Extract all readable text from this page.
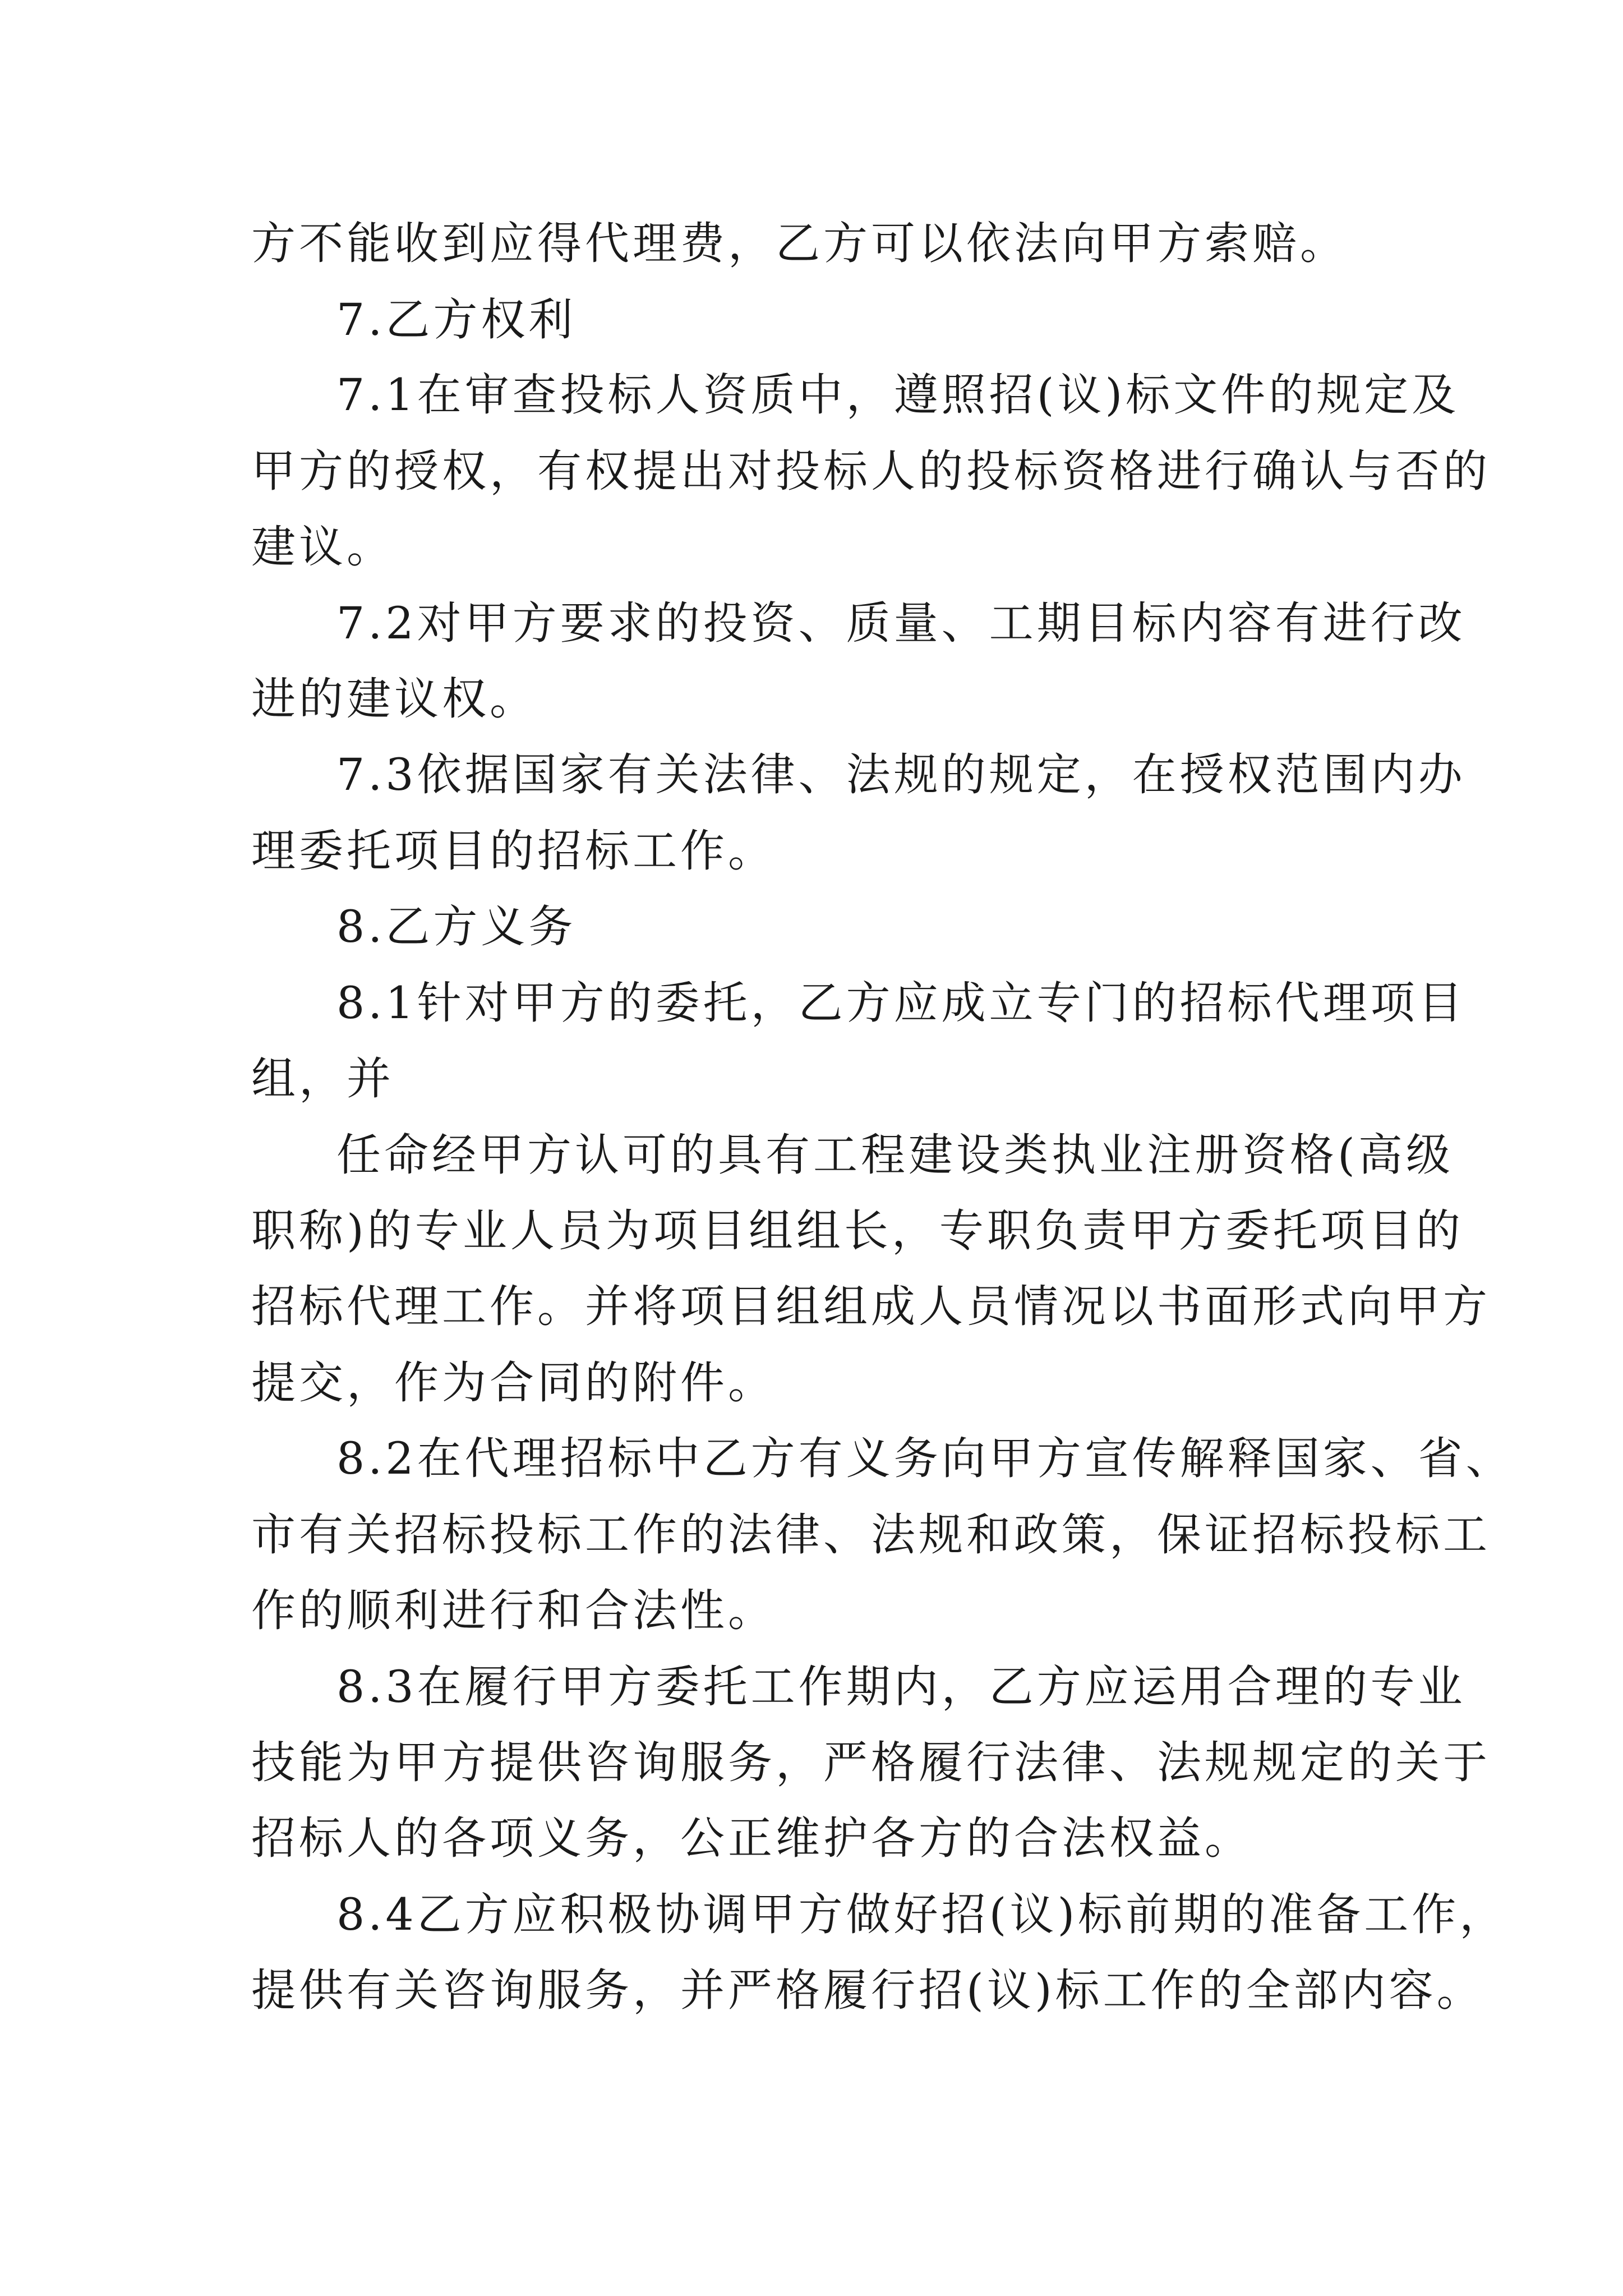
方不能收到应得代理费，乙方可以依法向甲方索赔。

7.乙方权利

7.1在审查投标人资质中，遵照招(议)标文件的规定及

甲方的授权，有权提出对投标人的投标资格进行确认与否的

建议。

7.2对甲方要求的投资、质量、工期目标内容有进行改

进的建议权。

7.3依据国家有关法律、法规的规定，在授权范围内办

理委托项目的招标工作。

8.乙方义务

8.1针对甲方的委托，乙方应成立专门的招标代理项目

组，并

任命经甲方认可的具有工程建设类执业注册资格(高级

职称)的专业人员为项目组组长，专职负责甲方委托项目的

招标代理工作。并将项目组组成人员情况以书面形式向甲方

提交，作为合同的附件。

8.2在代理招标中乙方有义务向甲方宣传解释国家、省、

市有关招标投标工作的法律、法规和政策，保证招标投标工

作的顺利进行和合法性。

8.3在履行甲方委托工作期内，乙方应运用合理的专业

技能为甲方提供咨询服务，严格履行法律、法规规定的关于

招标人的各项义务，公正维护各方的合法权益。

8.4乙方应积极协调甲方做好招(议)标前期的准备工作，

提供有关咨询服务，并严格履行招(议)标工作的全部内容。
